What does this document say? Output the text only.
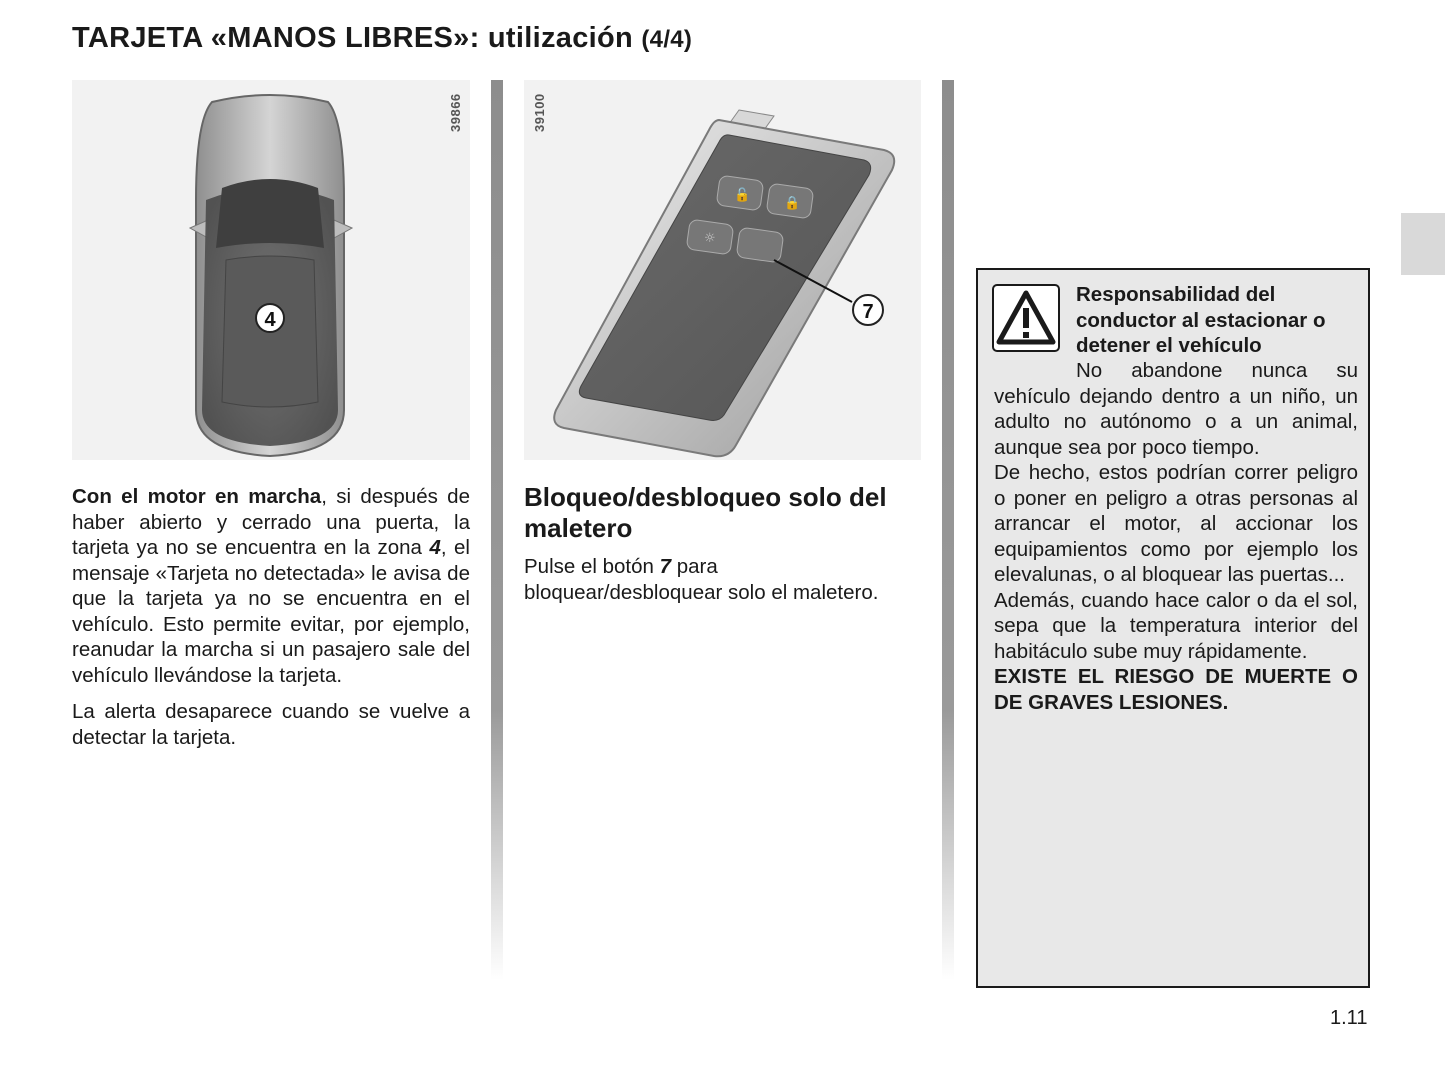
TARJETA «MANOS LIBRES»: utilización (4/4)
4
39866
🔓
🔒
☼
7
39100

Con el motor en marcha, si después de haber abierto y cerrado una puerta, la tarjeta ya no se encuentra en la zona 4, el mensaje «Tarjeta no detectada» le avisa de que la tarjeta ya no se encuentra en el vehículo. Esto permite evitar, por ejemplo, reanudar la marcha si un pasajero sale del vehículo llevándose la tarjeta.

La alerta desaparece cuando se vuelve a detectar la tarjeta.

Bloqueo/desbloqueo solo del maletero

Pulse el botón 7 para bloquear/desbloquear solo el maletero.

Responsabilidad del conductor al estacionar o detener el vehículo

No abandone nunca su vehículo dejando dentro a un niño, un adulto no autónomo o a un animal, aunque sea por poco tiempo.

De hecho, estos podrían correr peligro o poner en peligro a otras personas al arrancar el motor, al accionar los equipamientos como por ejemplo los elevalunas, o al bloquear las puertas...

Además, cuando hace calor o da el sol, sepa que la temperatura interior del habitáculo sube muy rápidamente.

EXISTE EL RIESGO DE MUERTE O DE GRAVES LESIONES.

1.11
